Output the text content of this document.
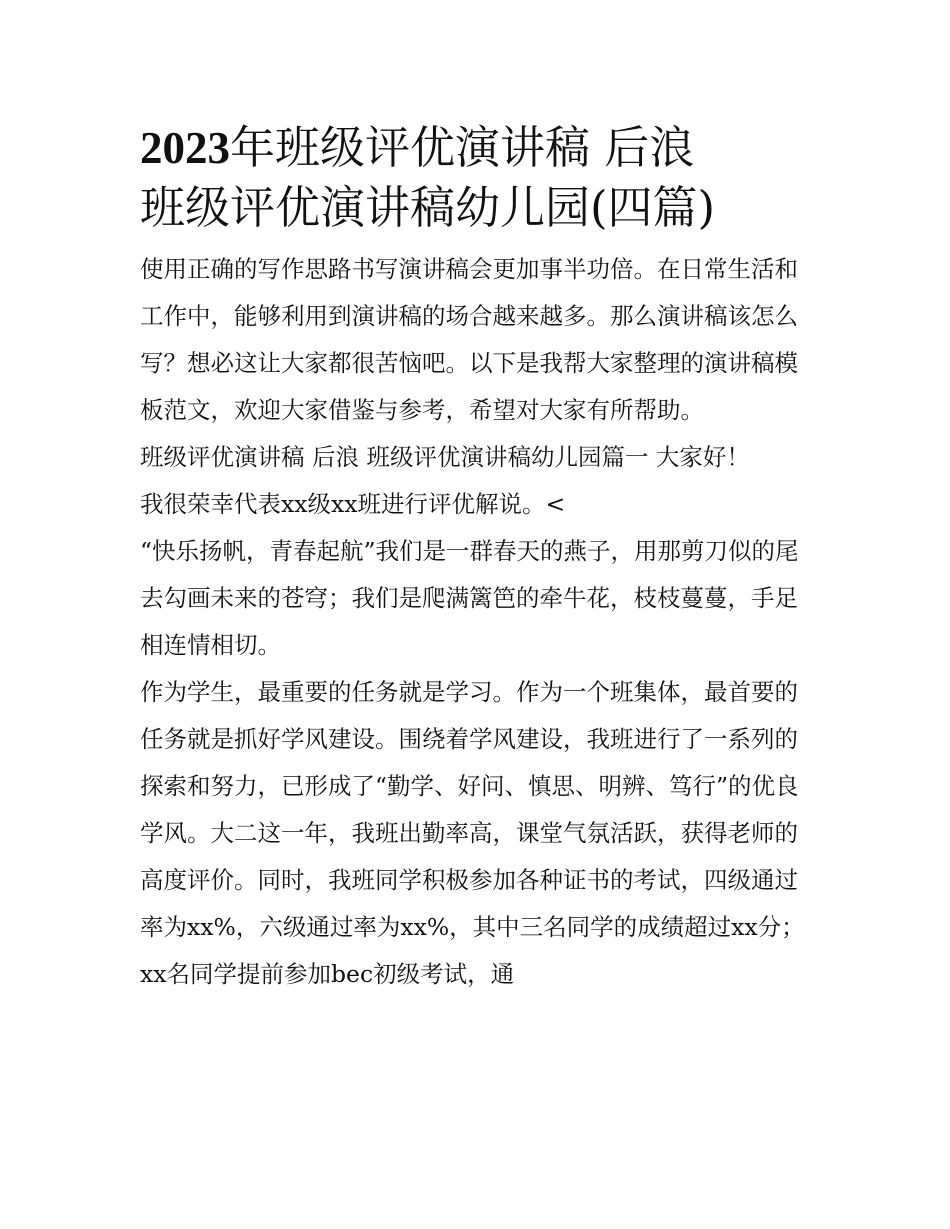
2023年班级评优演讲稿 后浪
班级评优演讲稿幼儿园(四篇)

使用正确的写作思路书写演讲稿会更加事半功倍。在日常生活和工作中，能够利用到演讲稿的场合越来越多。那么演讲稿该怎么写？想必这让大家都很苦恼吧。以下是我帮大家整理的演讲稿模板范文，欢迎大家借鉴与参考，希望对大家有所帮助。

班级评优演讲稿 后浪 班级评优演讲稿幼儿园篇一 大家好！

我很荣幸代表xx级xx班进行评优解说。<

“快乐扬帆，青春起航”我们是一群春天的燕子，用那剪刀似的尾去勾画未来的苍穹；我们是爬满篱笆的牵牛花，枝枝蔓蔓，手足相连情相切。

作为学生，最重要的任务就是学习。作为一个班集体，最首要的任务就是抓好学风建设。围绕着学风建设，我班进行了一系列的探索和努力，已形成了“勤学、好问、慎思、明辨、笃行”的优良学风。大二这一年，我班出勤率高，课堂气氛活跃，获得老师的高度评价。同时，我班同学积极参加各种证书的考试，四级通过率为xx%，六级通过率为xx%，其中三名同学的成绩超过xx分；xx名同学提前参加bec初级考试，通
